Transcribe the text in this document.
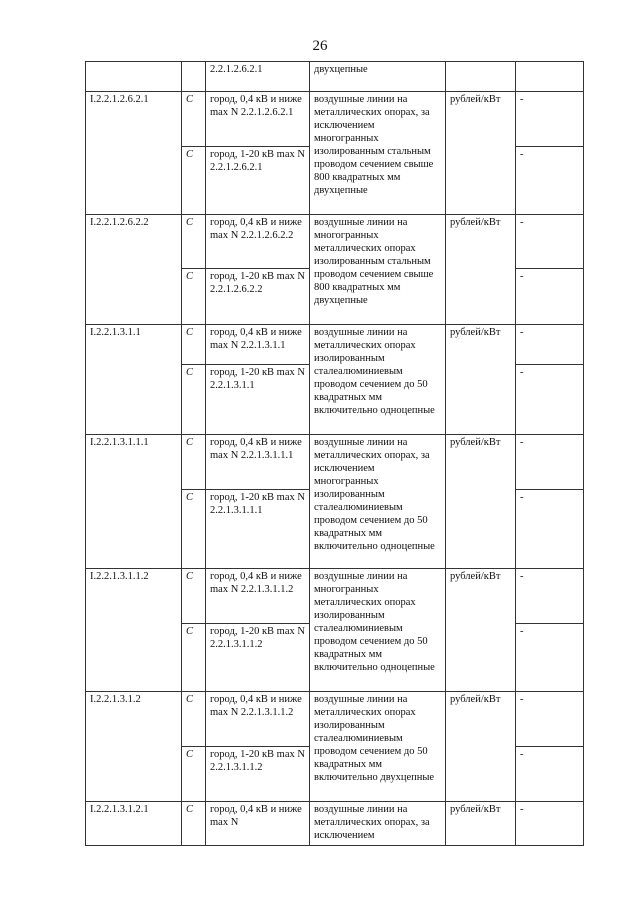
26
		2.2.1.2.6.2.1	двухцепные		
I.2.2.1.2.6.2.1	C	город, 0,4 кВ и ниже max N 2.2.1.2.6.2.1	воздушные линии на металлических опорах, за исключением многогранных изолированным стальным проводом сечением свыше 800 квадратных мм двухцепные	рублей/кВт	-
	C	город, 1-20 кВ max N 2.2.1.2.6.2.1			-
I.2.2.1.2.6.2.2	C	город, 0,4 кВ и ниже max N 2.2.1.2.6.2.2	воздушные линии на многогранных металлических опорах изолированным стальным проводом сечением свыше 800 квадратных мм двухцепные	рублей/кВт	-
	C	город, 1-20 кВ max N 2.2.1.2.6.2.2			-
I.2.2.1.3.1.1	C	город, 0,4 кВ и ниже max N 2.2.1.3.1.1	воздушные линии на металлических опорах изолированным сталеалюминиевым проводом сечением до 50 квадратных мм включительно одноцепные	рублей/кВт	-
	C	город, 1-20 кВ max N 2.2.1.3.1.1			-
I.2.2.1.3.1.1.1	C	город, 0,4 кВ и ниже max N 2.2.1.3.1.1.1	воздушные линии на металлических опорах, за исключением многогранных изолированным сталеалюминиевым проводом сечением до 50 квадратных мм включительно одноцепные	рублей/кВт	-
	C	город, 1-20 кВ max N 2.2.1.3.1.1.1			-
I.2.2.1.3.1.1.2	C	город, 0,4 кВ и ниже max N 2.2.1.3.1.1.2	воздушные линии на многогранных металлических опорах изолированным сталеалюминиевым проводом сечением до 50 квадратных мм включительно одноцепные	рублей/кВт	-
	C	город, 1-20 кВ max N 2.2.1.3.1.1.2			-
I.2.2.1.3.1.2	C	город, 0,4 кВ и ниже max N 2.2.1.3.1.1.2	воздушные линии на металлических опорах изолированным сталеалюминиевым проводом сечением до 50 квадратных мм включительно двухцепные	рублей/кВт	-
	C	город, 1-20 кВ max N 2.2.1.3.1.1.2			-
I.2.2.1.3.1.2.1	C	город, 0,4 кВ и ниже max N	воздушные линии на металлических опорах, за исключением	рублей/кВт	-
